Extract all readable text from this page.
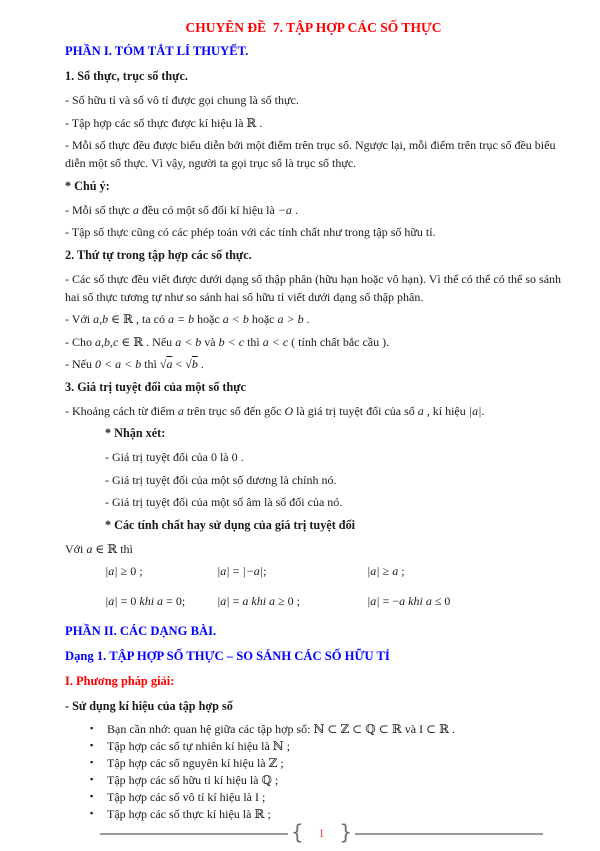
CHUYÊN ĐỀ  7. TẬP HỢP CÁC SỐ THỰC
PHẦN I. TÓM TẮT LÍ THUYẾT.
1. Số thực, trục số thực.
- Số hữu tỉ và số vô tỉ được gọi chung là số thực.
- Tập hợp các số thực được kí hiệu là ℝ .
- Mỗi số thực đều được biểu diễn bởi một điểm trên trục số. Ngược lại, mỗi điểm trên trục số đều biểu diễn một số thực. Vì vậy, người ta gọi trục số là trục số thực.
* Chú ý:
- Mỗi số thực a đều có một số đối kí hiệu là −a .
- Tập số thực cũng có các phép toán với các tính chất như trong tập số hữu tỉ.
2. Thứ tự trong tập hợp các số thực.
- Các số thực đều viết được dưới dạng số thập phân (hữu hạn hoặc vô hạn). Vì thế có thể có thể so sánh hai số thực tương tự như so sánh hai số hữu tỉ viết dưới dạng số thập phân.
- Với a,b ∈ ℝ , ta có a = b hoặc a < b hoặc a > b .
- Cho a,b,c ∈ ℝ . Nếu a < b và b < c thì a < c ( tính chất bắc cầu ).
- Nếu 0 < a < b thì √a < √b .
3. Giá trị tuyệt đối của một số thực
- Khoảng cách từ điểm a trên trục số đến gốc O là giá trị tuyệt đối của số a , kí hiệu |a|.
* Nhận xét:
- Giá trị tuyệt đối của 0 là 0 .
- Giá trị tuyệt đối của một số dương là chính nó.
- Giá trị tuyệt đối của một số âm là số đối của nó.
* Các tính chất hay sử dụng của giá trị tuyệt đối
Với a ∈ ℝ thì
|a| ≥ 0 ;	|a| = |−a|;	|a| ≥ a ;
|a| = 0 khi a = 0;	|a| = a khi a ≥ 0 ;	|a| = −a khi a ≤ 0
PHẦN II. CÁC DẠNG BÀI.
Dạng 1. TẬP HỢP SỐ THỰC – SO SÁNH CÁC SỐ HỮU TỈ
I. Phương pháp giải:
- Sử dụng kí hiệu của tập hợp số
▪ Bạn cần nhớ: quan hệ giữa các tập hợp số: ℕ ⊂ ℤ ⊂ ℚ ⊂ ℝ và I ⊂ ℝ .
▪ Tập hợp các số tự nhiên kí hiệu là ℕ ;
▪ Tập hợp các số nguyên kí hiệu là ℤ ;
▪ Tập hợp các số hữu tỉ kí hiệu là ℚ ;
▪ Tập hợp các số vô tỉ kí hiệu là I ;
▪ Tập hợp các số thực kí hiệu là ℝ ;
{	1 }
